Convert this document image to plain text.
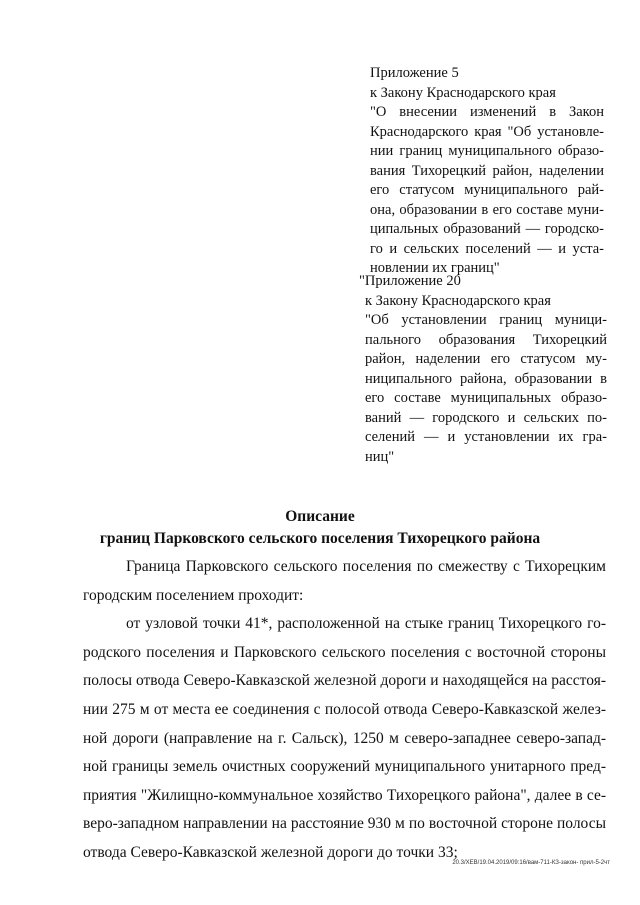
Приложение 5
к Закону Краснодарского края
"О внесении изменений в Закон
Краснодарского края "Об установле-
нии границ муниципального образо-
вания Тихорецкий район, наделении
его статусом муниципального рай-
она, образовании в его составе муни-
ципальных образований — городско-
го и сельских поселений — и уста-
новлении их границ"
"Приложение 20
к Закону Краснодарского края
"Об установлении границ муници-
пального образования Тихорецкий
район, наделении его статусом му-
ниципального района, образовании в
его составе муниципальных образо-
ваний — городского и сельских по-
селений — и установлении их гра-
ниц"
Описание
границ Парковского сельского поселения Тихорецкого района
Граница Парковского сельского поселения по смежеству с Тихорецким
городским поселением проходит:
от узловой точки 41*, расположенной на стыке границ Тихорецкого го-
родского поселения и Парковского сельского поселения с восточной стороны
полосы отвода Северо-Кавказской железной дороги и находящейся на расстоя-
нии 275 м от места ее соединения с полосой отвода Северо-Кавказской желез-
ной дороги (направление на г. Сальск), 1250 м северо-западнее северо-запад-
ной границы земель очистных сооружений муниципального унитарного пред-
приятия "Жилищно-коммунальное хозяйство Тихорецкого района", далее в се-
веро-западном направлении на расстояние 930 м по восточной стороне полосы
отвода Северо-Кавказской железной дороги до точки 33;
20.3/XEB/19.04.2019/09:16/вам-711-КЗ-закон- прил-5-2чт
